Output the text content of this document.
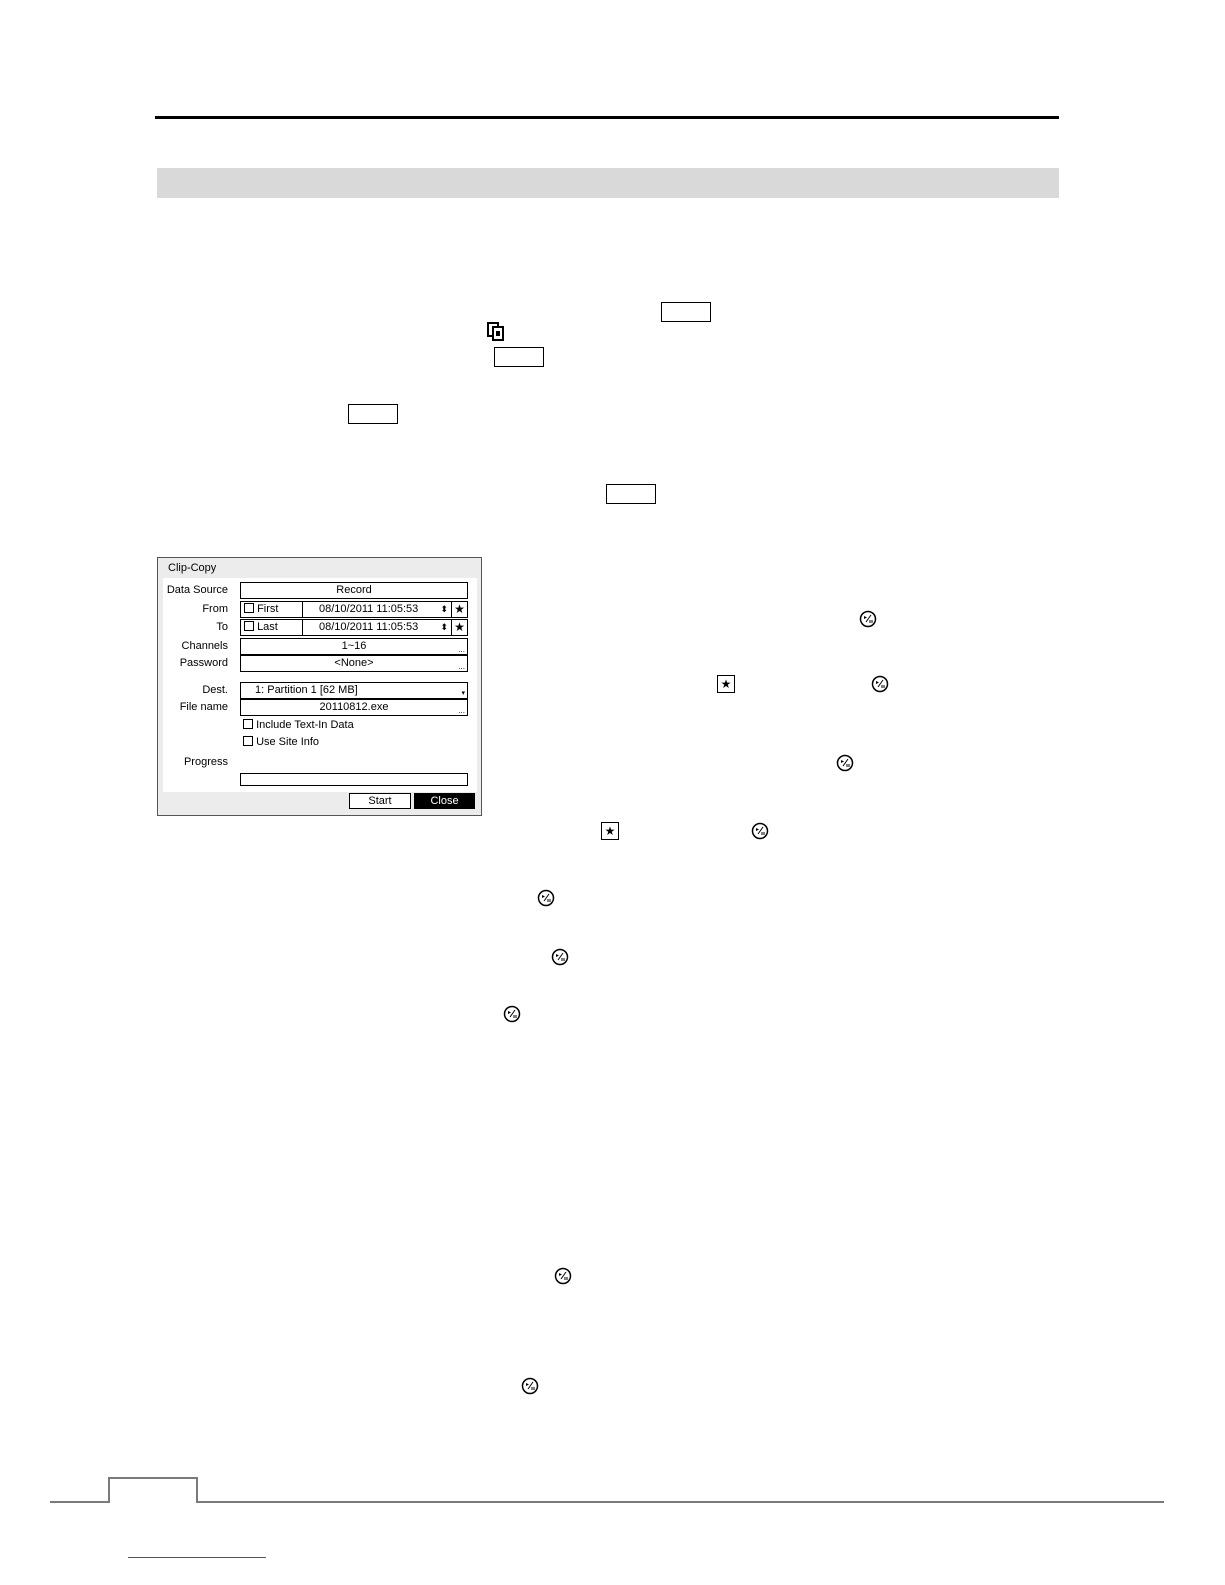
Clip-Copy
Data Source	Record
From	First	08/10/2011 11:05:53 ⬍ ★
To	Last	08/10/2011 11:05:53 ⬍ ★
Channels	1~16	...
Password	<None>	...
Dest.	1: Partition 1 [62 MB]	▾
File name	20110812.exe	...
Include Text-In Data
Use Site Info
Progress
Start	Close
★
★
